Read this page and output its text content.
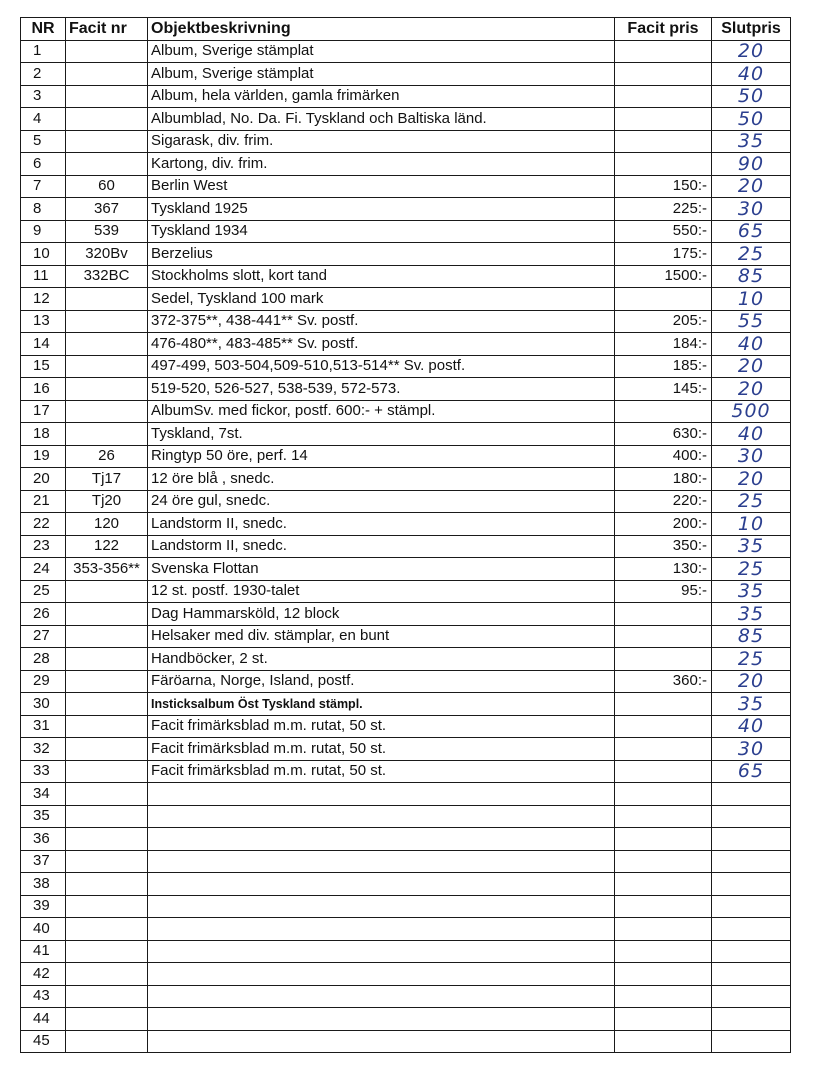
NR	Facit nr	Objektbeskrivning	Facit pris	Slutpris
1		Album, Sverige stämplat		20
2		Album, Sverige stämplat		40
3		Album, hela världen, gamla frimärken		50
4		Albumblad, No. Da. Fi. Tyskland och Baltiska länd.		50
5		Sigarask, div. frim.		35
6		Kartong, div. frim.		90
7	60	Berlin West	150:-	20
8	367	Tyskland 1925	225:-	30
9	539	Tyskland 1934	550:-	65
10	320Bv	Berzelius	175:-	25
11	332BC	Stockholms slott, kort tand	1500:-	85
12		Sedel, Tyskland 100 mark		10
13		372-375**, 438-441** Sv. postf.	205:-	55
14		476-480**, 483-485** Sv. postf.	184:-	40
15		497-499, 503-504,509-510,513-514** Sv. postf.	185:-	20
16		519-520, 526-527, 538-539, 572-573.	145:-	20
17		AlbumSv. med fickor, postf. 600:- + stämpl.		500
18		Tyskland, 7st.	630:-	40
19	26	Ringtyp 50 öre, perf. 14	400:-	30
20	Tj17	12 öre blå , snedc.	180:-	20
21	Tj20	24 öre gul, snedc.	220:-	25
22	120	Landstorm II, snedc.	200:-	10
23	122	Landstorm II, snedc.	350:-	35
24	353-356**	Svenska Flottan	130:-	25
25		12 st. postf. 1930-talet	95:-	35
26		Dag Hammarsköld, 12 block		35
27		Helsaker med div. stämplar, en bunt		85
28		Handböcker, 2 st.		25
29		Färöarna, Norge, Island, postf.	360:-	20
30		Insticksalbum Öst Tyskland stämpl.		35
31		Facit frimärksblad m.m. rutat, 50 st.		40
32		Facit frimärksblad m.m. rutat, 50 st.		30
33		Facit frimärksblad m.m. rutat, 50 st.		65
34				
35				
36				
37				
38				
39				
40				
41				
42				
43				
44				
45				
